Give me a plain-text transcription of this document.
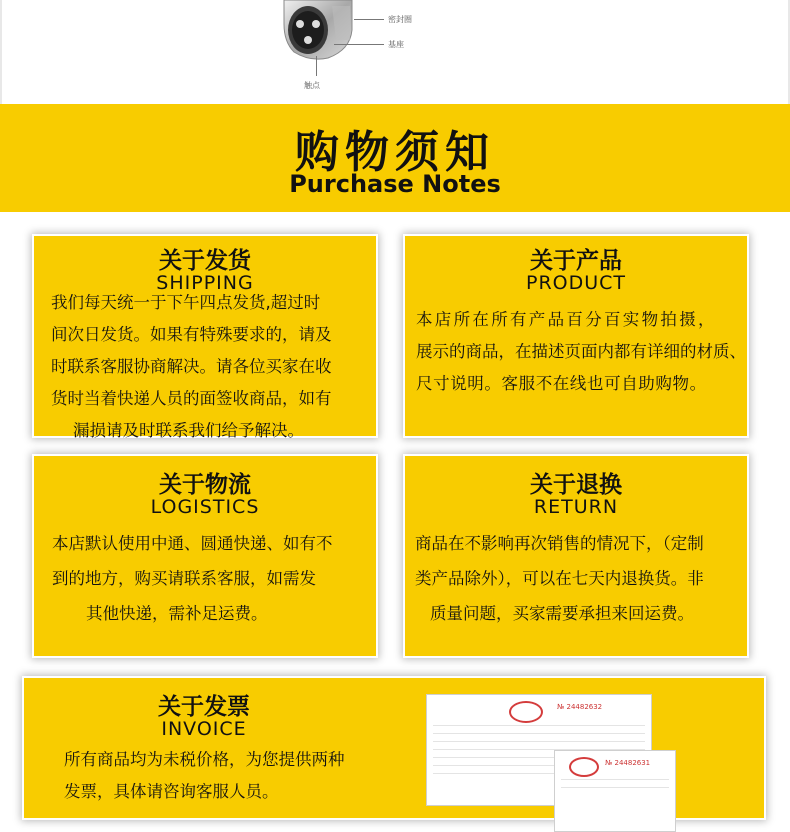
密封圈
基座
触点
购物须知
Purchase Notes
关于发货
SHIPPING
我们每天统一于下午四点发货,超过时
间次日发货。如果有特殊要求的，请及
时联系客服协商解决。请各位买家在收
货时当着快递人员的面签收商品，如有
漏损请及时联系我们给予解决。
关于产品
PRODUCT
本店所在所有产品百分百实物拍摄，
展示的商品，在描述页面内都有详细的材质、
尺寸说明。客服不在线也可自助购物。
关于物流
LOGISTICS
本店默认使用中通、圆通快递、如有不
到的地方，购买请联系客服，如需发
其他快递，需补足运费。
关于退换
RETURN
商品在不影响再次销售的情况下，（定制
类产品除外），可以在七天内退换货。非
质量问题，买家需要承担来回运费。
关于发票
INVOICE
所有商品均为未税价格，为您提供两种
发票，具体请咨询客服人员。
№ 24482632
№ 24482631
